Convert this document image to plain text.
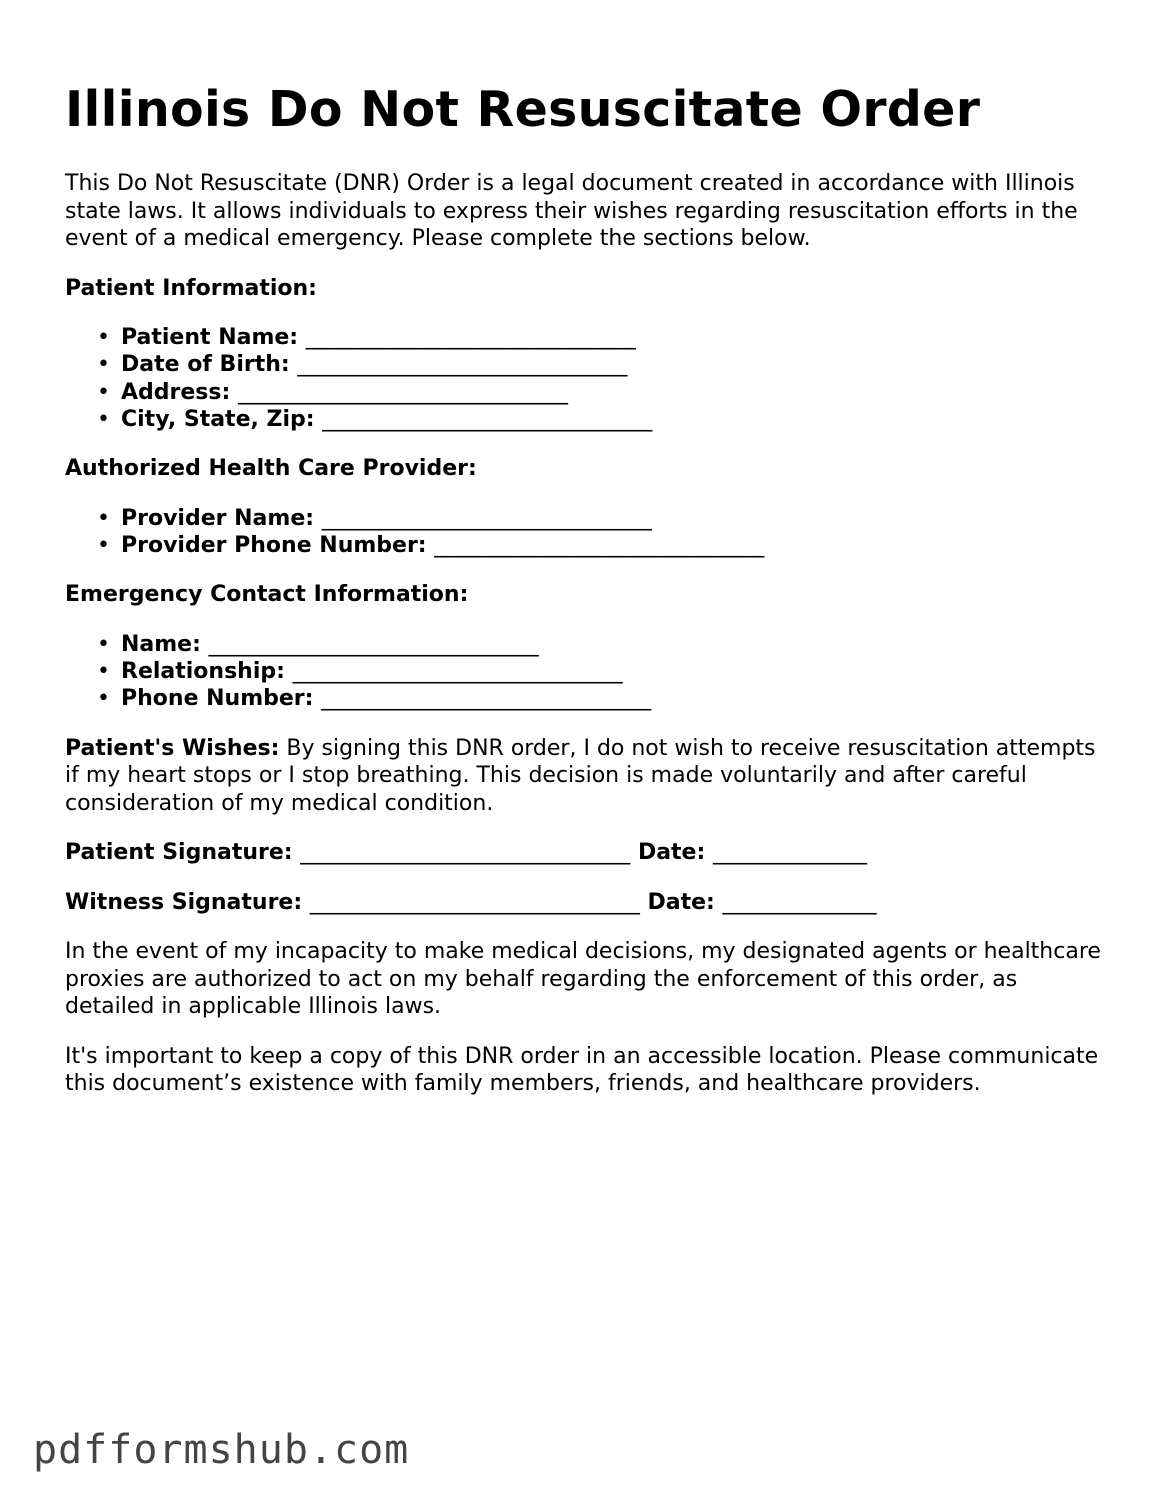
Illinois Do Not Resuscitate Order

This Do Not Resuscitate (DNR) Order is a legal document created in accordance with Illinois state laws. It allows individuals to express their wishes regarding resuscitation efforts in the event of a medical emergency. Please complete the sections below.

Patient Information:

• Patient Name: ______________________________
• Date of Birth: ______________________________
• Address: ______________________________
• City, State, Zip: ______________________________

Authorized Health Care Provider:

• Provider Name: ______________________________
• Provider Phone Number: ______________________________

Emergency Contact Information:

• Name: ______________________________
• Relationship: ______________________________
• Phone Number: ______________________________

Patient's Wishes: By signing this DNR order, I do not wish to receive resuscitation attempts if my heart stops or I stop breathing. This decision is made voluntarily and after careful consideration of my medical condition.

Patient Signature: ______________________________ Date: ______________

Witness Signature: ______________________________ Date: ______________

In the event of my incapacity to make medical decisions, my designated agents or healthcare proxies are authorized to act on my behalf regarding the enforcement of this order, as detailed in applicable Illinois laws.

It's important to keep a copy of this DNR order in an accessible location. Please communicate this document’s existence with family members, friends, and healthcare providers.

pdfformshub.com
